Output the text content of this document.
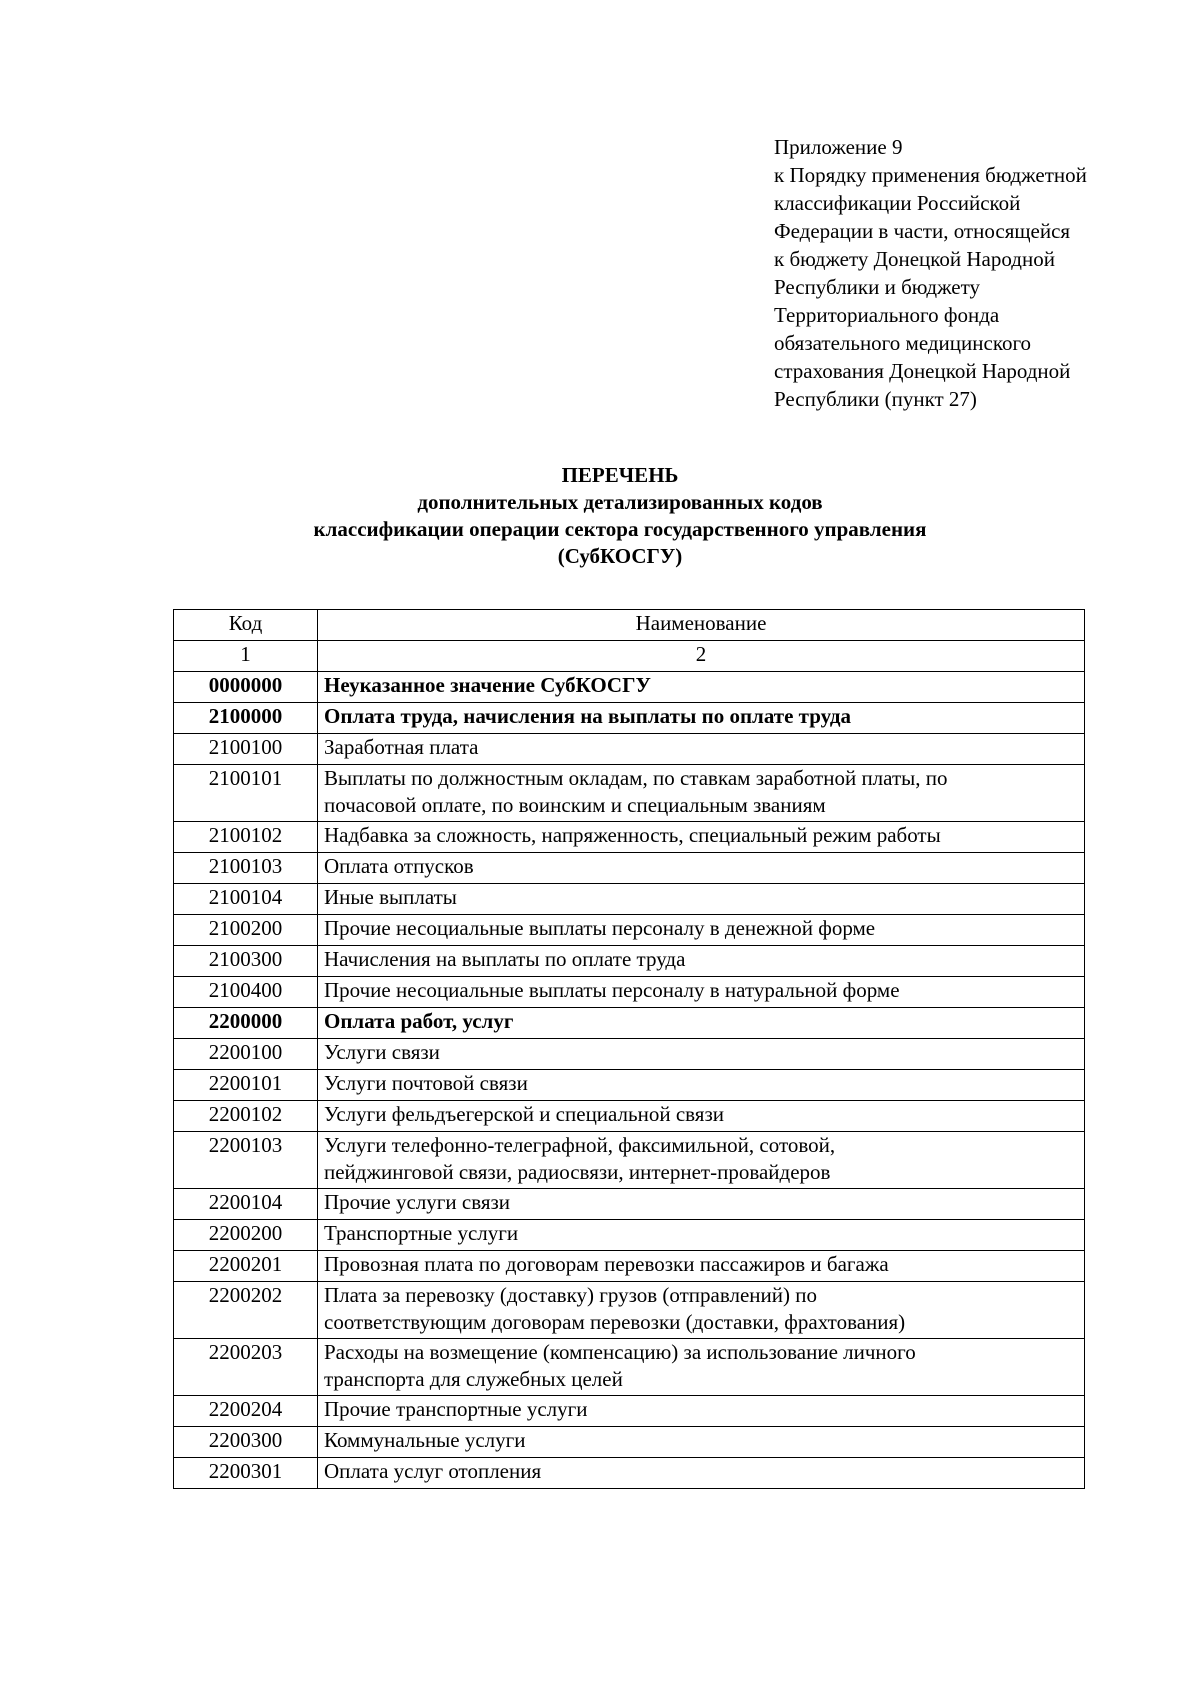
Приложение 9
к Порядку применения бюджетной
классификации Российской
Федерации в части, относящейся
к бюджету Донецкой Народной
Республики и бюджету
Территориального фонда
обязательного медицинского
страхования Донецкой Народной
Республики (пункт 27)
ПЕРЕЧЕНЬ
дополнительных детализированных кодов
классификации операции сектора государственного управления
(СубКОСГУ)
Код	Наименование
1	2
0000000	Неуказанное значение СубКОСГУ
2100000	Оплата труда, начисления на выплаты по оплате труда
2100100	Заработная плата
2100101	Выплаты по должностным окладам, по ставкам заработной платы, по
почасовой оплате, по воинским и специальным званиям

2100102	Надбавка за сложность, напряженность, специальный режим работы
2100103	Оплата отпусков
2100104	Иные выплаты
2100200	Прочие несоциальные выплаты персоналу в денежной форме
2100300	Начисления на выплаты по оплате труда
2100400	Прочие несоциальные выплаты персоналу в натуральной форме
2200000	Оплата работ, услуг
2200100	Услуги связи
2200101	Услуги почтовой связи
2200102	Услуги фельдъегерской и специальной связи
2200103	Услуги телефонно-телеграфной, факсимильной, сотовой,
пейджинговой связи, радиосвязи, интернет-провайдеров

2200104	Прочие услуги связи
2200200	Транспортные услуги
2200201	Провозная плата по договорам перевозки пассажиров и багажа
2200202	Плата за перевозку (доставку) грузов (отправлений) по
соответствующим договорам перевозки (доставки, фрахтования)

2200203	Расходы на возмещение (компенсацию) за использование личного
транспорта для служебных целей

2200204	Прочие транспортные услуги
2200300	Коммунальные услуги
2200301	Оплата услуг отопления
